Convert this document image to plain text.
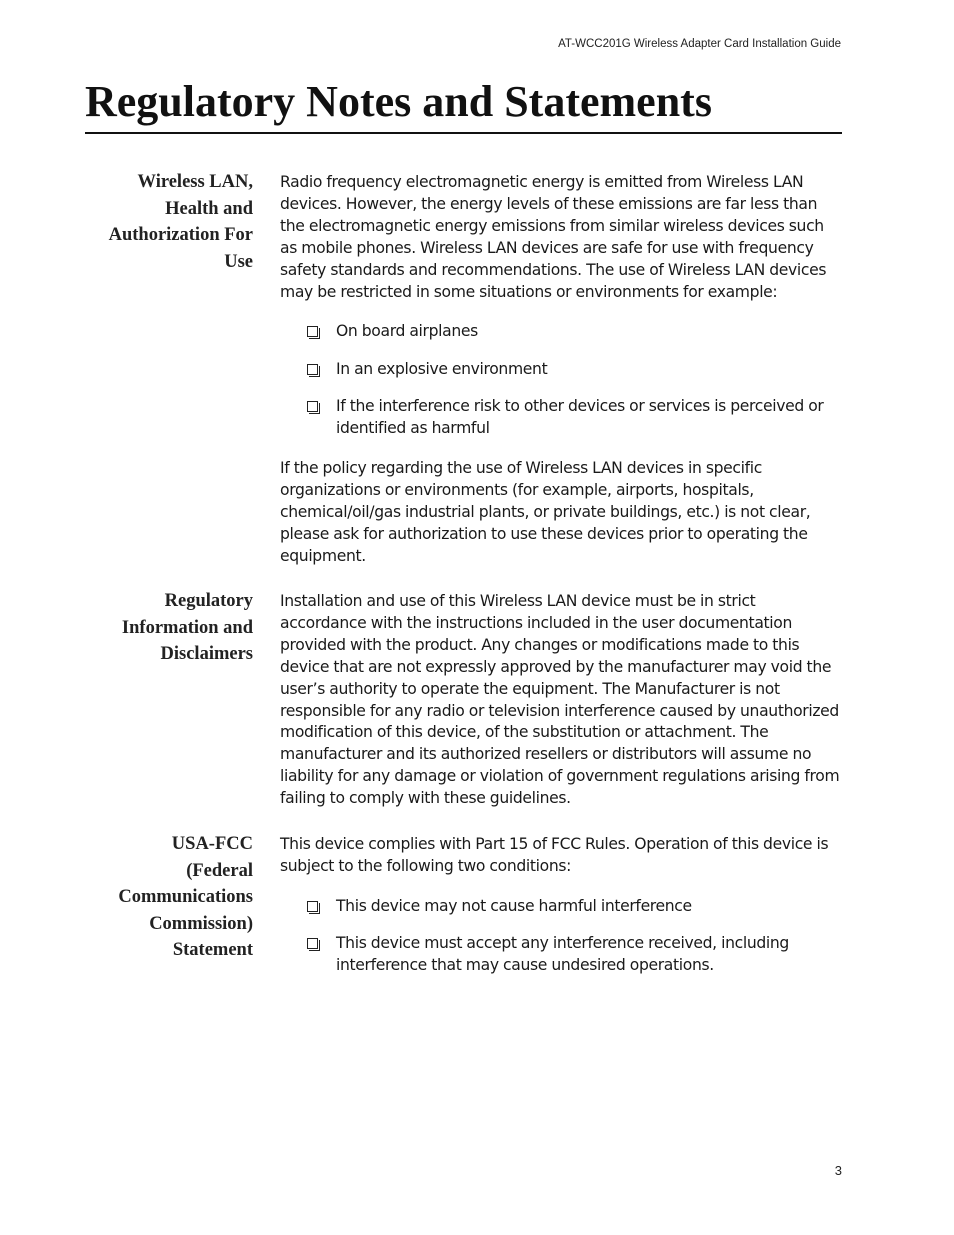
AT-WCC201G Wireless Adapter Card Installation Guide
Regulatory Notes and Statements
Wireless LAN,
Health and
Authorization For
Use

Radio frequency electromagnetic energy is emitted from Wireless LAN devices. However, the energy levels of these emissions are far less than the electromagnetic energy emissions from similar wireless devices such as mobile phones. Wireless LAN devices are safe for use with frequency safety standards and recommendations. The use of Wireless LAN devices may be restricted in some situations or environments for example:

On board airplanes
In an explosive environment
If the interference risk to other devices or services is perceived or identified as harmful

If the policy regarding the use of Wireless LAN devices in specific organizations or environments (for example, airports, hospitals, chemical/oil/gas industrial plants, or private buildings, etc.) is not clear, please ask for authorization to use these devices prior to operating the equipment.

Regulatory
Information and
Disclaimers

Installation and use of this Wireless LAN device must be in strict accordance with the instructions included in the user documentation provided with the product. Any changes or modifications made to this device that are not expressly approved by the manufacturer may void the user’s authority to operate the equipment. The Manufacturer is not responsible for any radio or television interference caused by unauthorized modification of this device, of the substitution or attachment. The manufacturer and its authorized resellers or distributors will assume no liability for any damage or violation of government regulations arising from failing to comply with these guidelines.

USA-FCC
(Federal
Communications
Commission)
Statement

This device complies with Part 15 of FCC Rules. Operation of this device is subject to the following two conditions:

This device may not cause harmful interference
This device must accept any interference received, including interference that may cause undesired operations.
3
